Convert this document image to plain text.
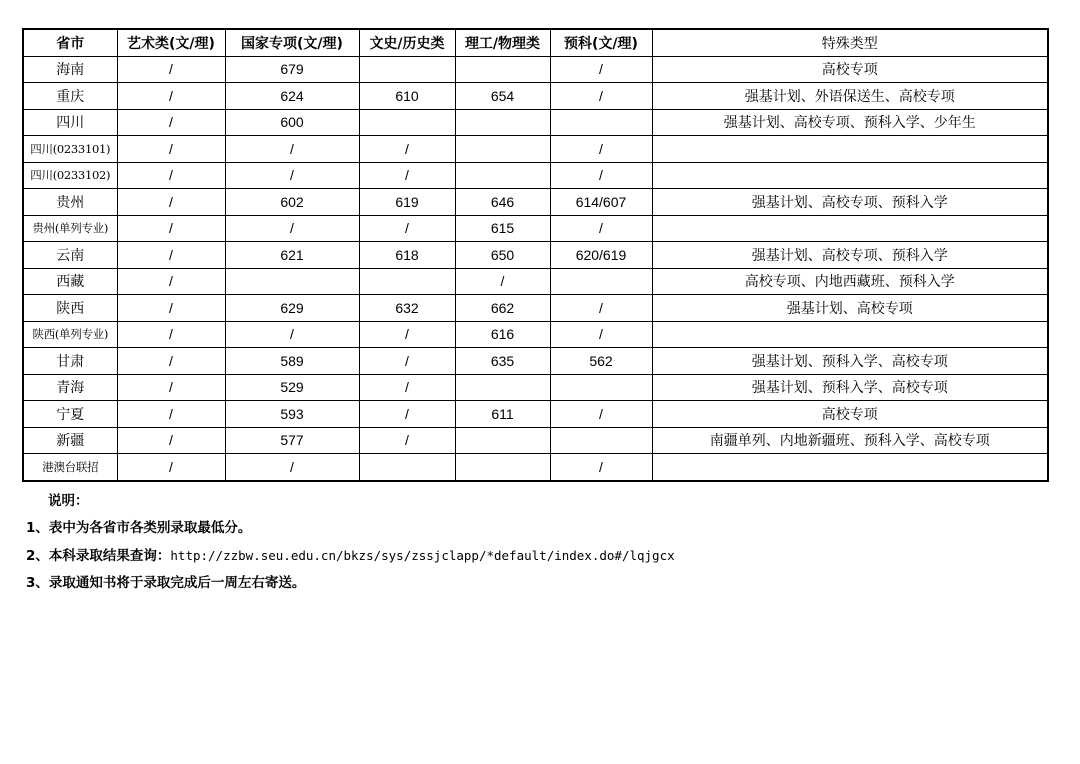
省市	艺术类(文/理)	国家专项(文/理)	文史/历史类	理工/物理类	预科(文/理)	特殊类型
海南	/	679			/	高校专项
重庆	/	624	610	654	/	强基计划、外语保送生、高校专项
四川	/	600				强基计划、高校专项、预科入学、少年生
四川(0233101)	/	/	/		/	
四川(0233102)	/	/	/		/	
贵州	/	602	619	646	614/607	强基计划、高校专项、预科入学
贵州(单列专业)	/	/	/	615	/	
云南	/	621	618	650	620/619	强基计划、高校专项、预科入学
西藏	/			/		高校专项、内地西藏班、预科入学
陕西	/	629	632	662	/	强基计划、高校专项
陕西(单列专业)	/	/	/	616	/	
甘肃	/	589	/	635	562	强基计划、预科入学、高校专项
青海	/	529	/			强基计划、预科入学、高校专项
宁夏	/	593	/	611	/	高校专项
新疆	/	577	/			南疆单列、内地新疆班、预科入学、高校专项
港澳台联招	/	/			/	
说明：
1、表中为各省市各类别录取最低分。
2、本科录取结果查询：http://zzbw.seu.edu.cn/bkzs/sys/zssjclapp/*default/index.do#/lqjgcx
3、录取通知书将于录取完成后一周左右寄送。
